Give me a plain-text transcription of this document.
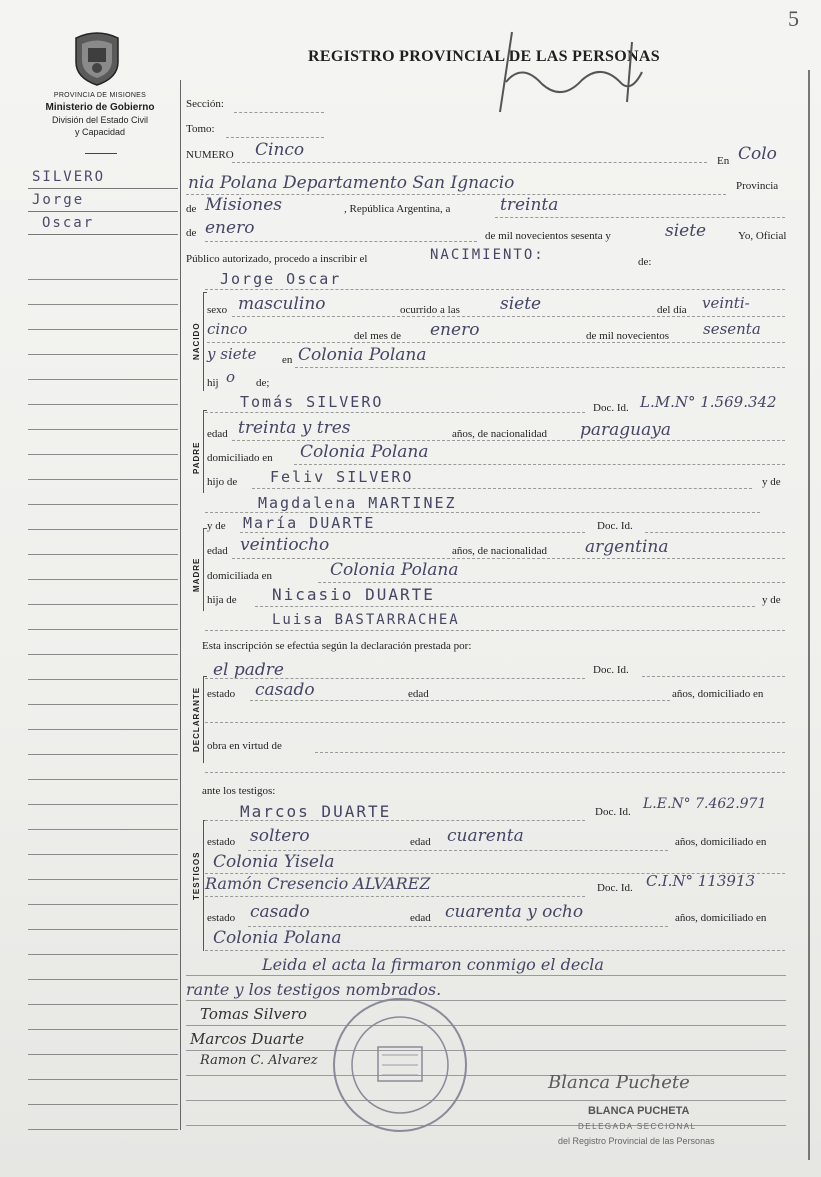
5
PROVINCIA DE MISIONES
Ministerio de Gobierno
División del Estado Civil
y Capacidad
SILVERO
Jorge
Oscar
REGISTRO PROVINCIAL DE LAS PERSONAS
Sección:
Tomo:
NUMERO Cinco
En Colo
nia Polana Departamento San Ignacio	Provincia
de Misiones	, República Argentina, a	treinta
de enero	de mil novecientos sesenta y	siete	Yo, Oficial
Público autorizado, procedo a inscribir el	NACIMIENTO:	de:
NACIDO
Jorge Oscar
sexo masculino	ocurrido a las siete	del día veinti-
cinco	del mes de enero	de mil novecientos sesenta
y siete en Colonia Polana
hij o de;
PADRE
Tomás SILVERO	Doc. Id. L.M.N° 1.569.342
edad treinta y tres	años, de nacionalidad paraguaya
domiciliado en Colonia Polana
hijo de Feliv SILVERO	y de
Magdalena MARTINEZ
MADRE
y de María DUARTE	Doc. Id.
edad veintiocho	años, de nacionalidad argentina
domiciliada en	Colonia Polana
hija de Nicasio DUARTE	y de
Luisa BASTARRACHEA
Esta inscripción se efectúa según la declaración prestada por:
DECLARANTE
el padre	Doc. Id.
estado casado	edad	años, domiciliado en
obra en virtud de
ante los testigos:
TESTIGOS
Marcos DUARTE	Doc. Id. L.E.N° 7.462.971
estado soltero	edad cuarenta	años, domiciliado en
Colonia Yisela
Ramón Cresencio ALVAREZ	Doc. Id. C.I.N° 113913
estado casado	edad cuarenta y ocho	años, domiciliado en
Colonia Polana
Leida el acta la firmaron conmigo el decla
rante y los testigos nombrados.
Tomas Silvero
Marcos Duarte
Ramon C. Alvarez
Blanca Puchete
BLANCA PUCHETA
DELEGADA SECCIONAL
del Registro Provincial de las Personas
